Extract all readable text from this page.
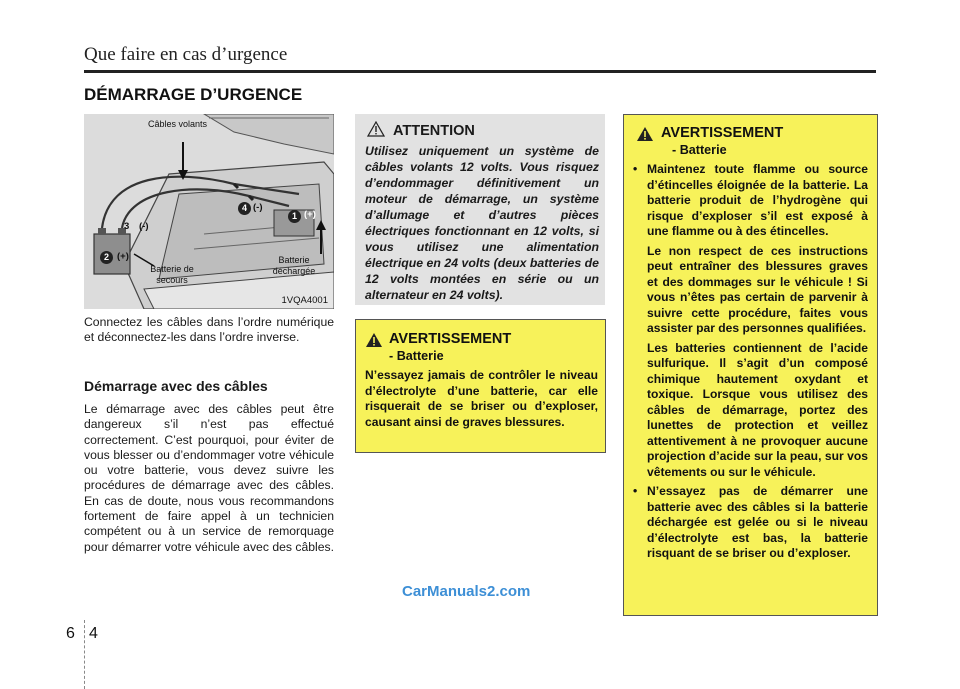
Que faire en cas d’urgence
DÉMARRAGE D’URGENCE
Câbles volants
Batterie de
secours
Batterie
déchargée
2 (+)
3 (-)
4 (-)
1 (+)
1VQA4001
Connectez les câbles dans l’ordre numérique et déconnectez-les dans l’ordre inverse.
Démarrage avec des câbles
Le démarrage avec des câbles peut être dangereux s’il n’est pas effectué correctement. C’est pourquoi, pour éviter de vous blesser ou d’endommager votre véhicule ou votre batterie, vous devez suivre les procédures de démarrage avec des câbles. En cas de doute, nous vous recommandons fortement de faire appel à un technicien compétent ou à un service de remorquage pour démarrer votre véhicule avec des câbles.
ATTENTION
Utilisez uniquement un système de câbles volants 12 volts. Vous risquez d’endommager définitivement un moteur de démarrage, un système d’allumage et d’autres pièces électriques fonctionnant en 12 volts, si vous utilisez une alimentation électrique en 24 volts (deux batteries de 12 volts montées en série ou un alternateur en 24 volts).
AVERTISSEMENT
- Batterie
N’essayez jamais de contrôler le niveau d’électrolyte d’une batterie, car elle risquerait de se briser ou d’exploser, causant ainsi de graves blessures.
AVERTISSEMENT
- Batterie

• Maintenez toute flamme ou source d’étincelles éloignée de la batterie. La batterie produit de l’hydrogène qui risque d’exploser s’il est exposé à une flamme ou à des étincelles.

Le non respect de ces instructions peut entraîner des blessures graves et des dommages sur le véhicule ! Si vous n’êtes pas certain de parvenir à suivre cette procédure, faites vous assister par des personnes qualifiées.

Les batteries contiennent de l’acide sulfurique. Il s’agit d’un composé chimique hautement oxydant et toxique. Lorsque vous utilisez des câbles de démarrage, portez des lunettes de protection et veillez attentivement à ne provoquer aucune projection d’acide sur la peau, sur vos vêtements ou sur le véhicule.

• N’essayez pas de démarrer une batterie avec des câbles si la batterie déchargée est gelée ou si le niveau d’électrolyte est bas, la batterie risquant de se briser ou d’exploser.

CarManuals2.com
6 4
